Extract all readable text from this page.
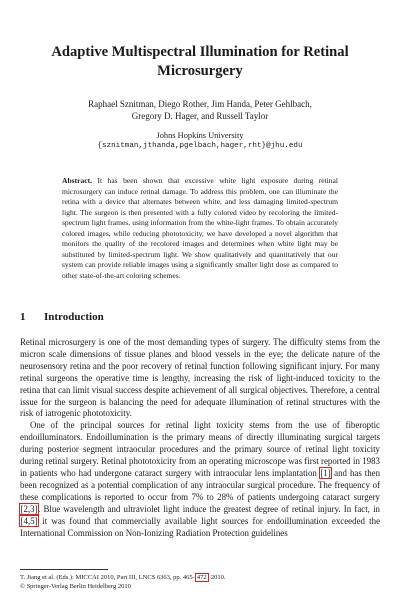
Adaptive Multispectral Illumination for Retinal
Microsurgery
Raphael Sznitman, Diego Rother, Jim Handa, Peter Gehlbach,
Gregory D. Hager, and Russell Taylor
Johns Hopkins University
{sznitman,jthanda,pgelbach,hager,rht}@jhu.edu
Abstract. It has been shown that excessive white light exposure during retinal microsurgery can induce retinal damage. To address this problem, one can illuminate the retina with a device that alternates between white, and less damaging limited-spectrum light. The surgeon is then presented with a fully colored video by recoloring the limited-spectrum light frames, using information from the white-light frames. To obtain accurately colored images, while reducing phototoxicity, we have developed a novel algorithm that monitors the quality of the recolored images and determines when white light may be substituted by limited-spectrum light. We show qualitatively and quantitatively that our system can provide reliable images using a significantly smaller light dose as compared to other state-of-the-art coloring schemes.
1 Introduction

Retinal microsurgery is one of the most demanding types of surgery. The difficulty stems from the micron scale dimensions of tissue planes and blood vessels in the eye; the delicate nature of the neurosensory retina and the poor recovery of retinal function following significant injury. For many retinal surgeons the operative time is lengthy, increasing the risk of light-induced toxicity to the retina that can limit visual success despite achievement of all surgical objectives. Therefore, a central issue for the surgeon is balancing the need for adequate illumination of retinal structures with the risk of iatrogenic phototoxicity.

One of the principal sources for retinal light toxicity stems from the use of fiberoptic endoilluminators. Endoillumination is the primary means of directly illuminating surgical targets during posterior segment intraocular procedures and the primary source of retinal light toxicity during retinal surgery. Retinal phototoxicity from an operating microscope was first reported in 1983 in patients who had undergone cataract surgery with intraocular lens implantation [1] and has then been recognized as a potential complication of any intraocular surgical procedure. The frequency of these complications is reported to occur from 7% to 28% of patients undergoing cataract surgery [2,3]. Blue wavelength and ultraviolet light induce the greatest degree of retinal injury. In fact, in [4,5] it was found that commercially available light sources for endoillumination exceeded the International Commission on Non-Ionizing Radiation Protection guidelines

T. Jiang et al. (Eds.): MICCAI 2010, Part III, LNCS 6363, pp. 465–472, 2010.
© Springer-Verlag Berlin Heidelberg 2010
